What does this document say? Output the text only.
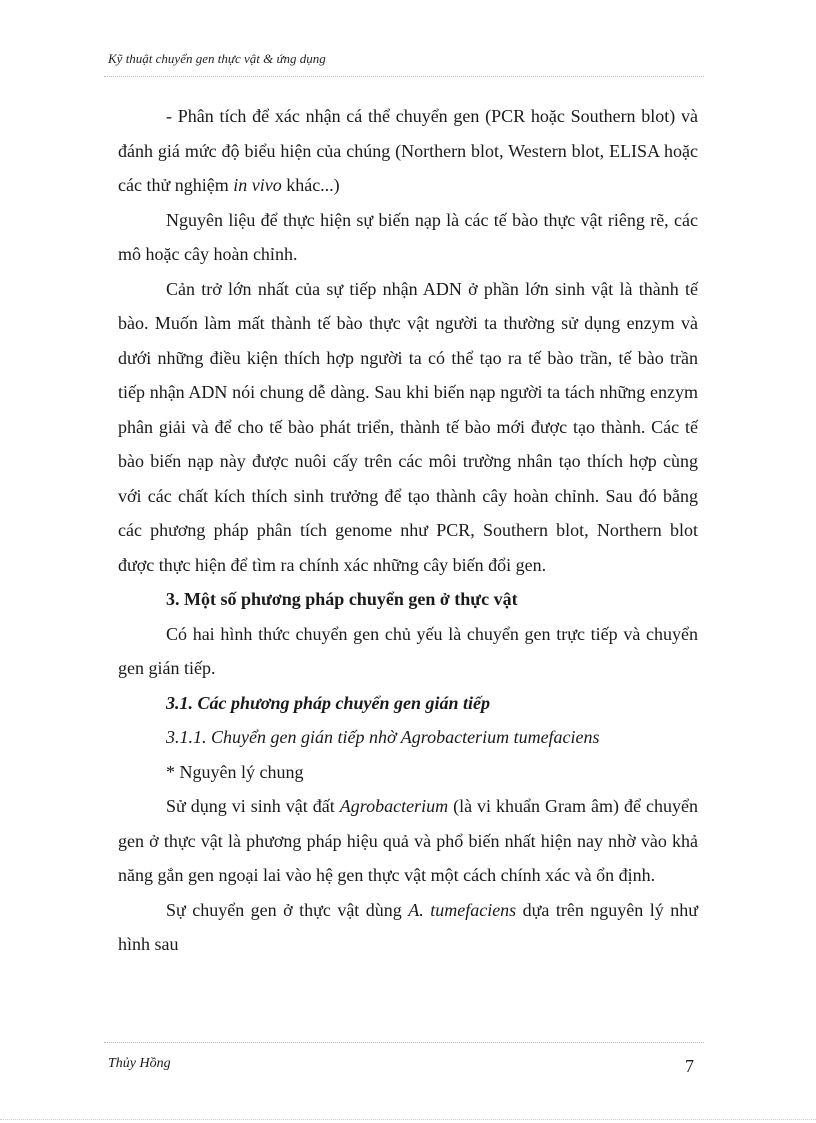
Kỹ thuật chuyển gen thực vật & ứng dụng

- Phân tích để xác nhận cá thể chuyển gen (PCR hoặc Southern blot) và đánh giá mức độ biểu hiện của chúng (Northern blot, Western blot, ELISA hoặc các thử nghiệm in vivo khác...)

Nguyên liệu để thực hiện sự biến nạp là các tế bào thực vật riêng rẽ, các mô hoặc cây hoàn chỉnh.

Cản trở lớn nhất của sự tiếp nhận ADN ở phần lớn sinh vật là thành tế bào. Muốn làm mất thành tế bào thực vật người ta thường sử dụng enzym và dưới những điều kiện thích hợp người ta có thể tạo ra tế bào trần, tế bào trần tiếp nhận ADN nói chung dễ dàng. Sau khi biến nạp người ta tách những enzym phân giải và để cho tế bào phát triển, thành tế bào mới được tạo thành. Các tế bào biến nạp này được nuôi cấy trên các môi trường nhân tạo thích hợp cùng với các chất kích thích sinh trưởng để tạo thành cây hoàn chỉnh. Sau đó bằng các phương pháp phân tích genome như PCR, Southern blot, Northern blot được thực hiện để tìm ra chính xác những cây biến đổi gen.

3. Một số phương pháp chuyển gen ở thực vật

Có hai hình thức chuyển gen chủ yếu là chuyển gen trực tiếp và chuyển gen gián tiếp.

3.1. Các phương pháp chuyển gen gián tiếp

3.1.1. Chuyển gen gián tiếp nhờ Agrobacterium tumefaciens

* Nguyên lý chung

Sử dụng vi sinh vật đất Agrobacterium (là vi khuẩn Gram âm) để chuyển gen ở thực vật là phương pháp hiệu quả và phổ biến nhất hiện nay nhờ vào khả năng gắn gen ngoại lai vào hệ gen thực vật một cách chính xác và ổn định.

Sự chuyển gen ở thực vật dùng A. tumefaciens dựa trên nguyên lý như hình sau

Thủy Hồng	7
